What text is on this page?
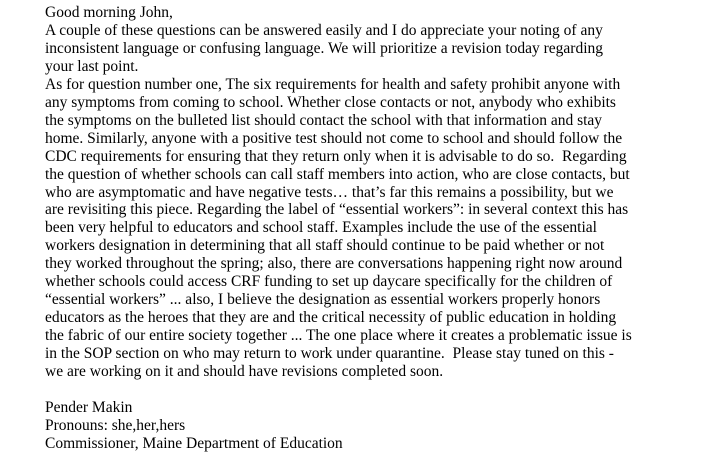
Good morning John,
A couple of these questions can be answered easily and I do appreciate your noting of any
inconsistent language or confusing language. We will prioritize a revision today regarding
your last point.
As for question number one, The six requirements for health and safety prohibit anyone with
any symptoms from coming to school. Whether close contacts or not, anybody who exhibits
the symptoms on the bulleted list should contact the school with that information and stay
home. Similarly, anyone with a positive test should not come to school and should follow the
CDC requirements for ensuring that they return only when it is advisable to do so.  Regarding
the question of whether schools can call staff members into action, who are close contacts, but
who are asymptomatic and have negative tests… that’s far this remains a possibility, but we
are revisiting this piece. Regarding the label of “essential workers”: in several context this has
been very helpful to educators and school staff. Examples include the use of the essential
workers designation in determining that all staff should continue to be paid whether or not
they worked throughout the spring; also, there are conversations happening right now around
whether schools could access CRF funding to set up daycare specifically for the children of
“essential workers” ... also, I believe the designation as essential workers properly honors
educators as the heroes that they are and the critical necessity of public education in holding
the fabric of our entire society together ... The one place where it creates a problematic issue is
in the SOP section on who may return to work under quarantine.  Please stay tuned on this -
we are working on it and should have revisions completed soon.
Pender Makin
Pronouns: she,her,hers
Commissioner, Maine Department of Education
